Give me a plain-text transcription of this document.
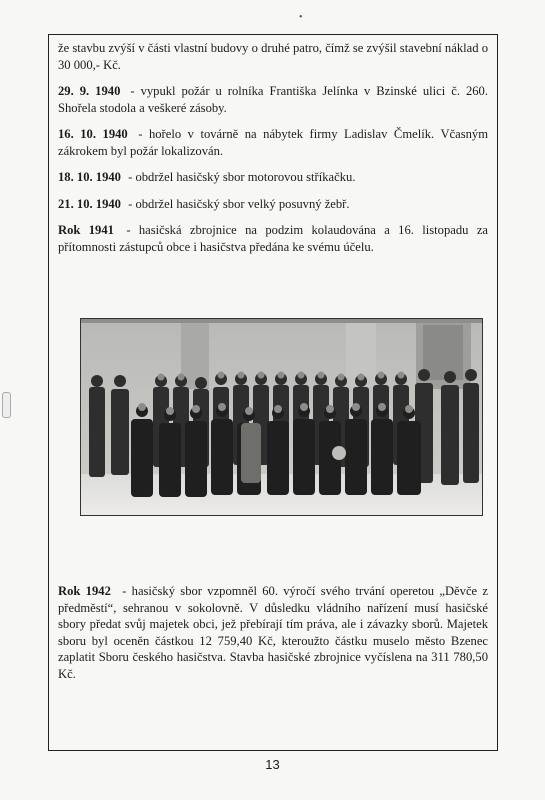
•

že stavbu zvýší v části vlastní budovy o druhé patro, čímž se zvýšil stavební náklad o 30 000,- Kč.

29. 9. 1940 - vypukl požár u rolníka Františka Jelínka v Bzinské ulici č. 260. Shořela stodola a veškeré zásoby.

16. 10. 1940 - hořelo v továrně na nábytek firmy Ladislav Čmelík. Včasným zákrokem byl požár lokalizován.

18. 10. 1940 - obdržel hasičský sbor motorovou stříkačku.

21. 10. 1940 - obdržel hasičský sbor velký posuvný žebř.

Rok 1941 - hasičská zbrojnice na podzim kolaudována a 16. listopadu za přítomnosti zástupců obce i hasičstva předána ke svému účelu.

Rok 1942 - hasičský sbor vzpomněl 60. výročí svého trvání operetou „Děvče z předměstí“, sehranou v sokolovně. V důsledku vládního nařízení musí hasičské sbory předat svůj majetek obci, jež přebírají tím práva, ale i závazky sborů. Majetek sboru byl oceněn částkou 12 759,40 Kč, kteroužto částku muselo město Bzenec zaplatit Sboru českého hasičstva. Stavba hasičské zbrojnice vyčíslena na 311 780,50 Kč.
13
